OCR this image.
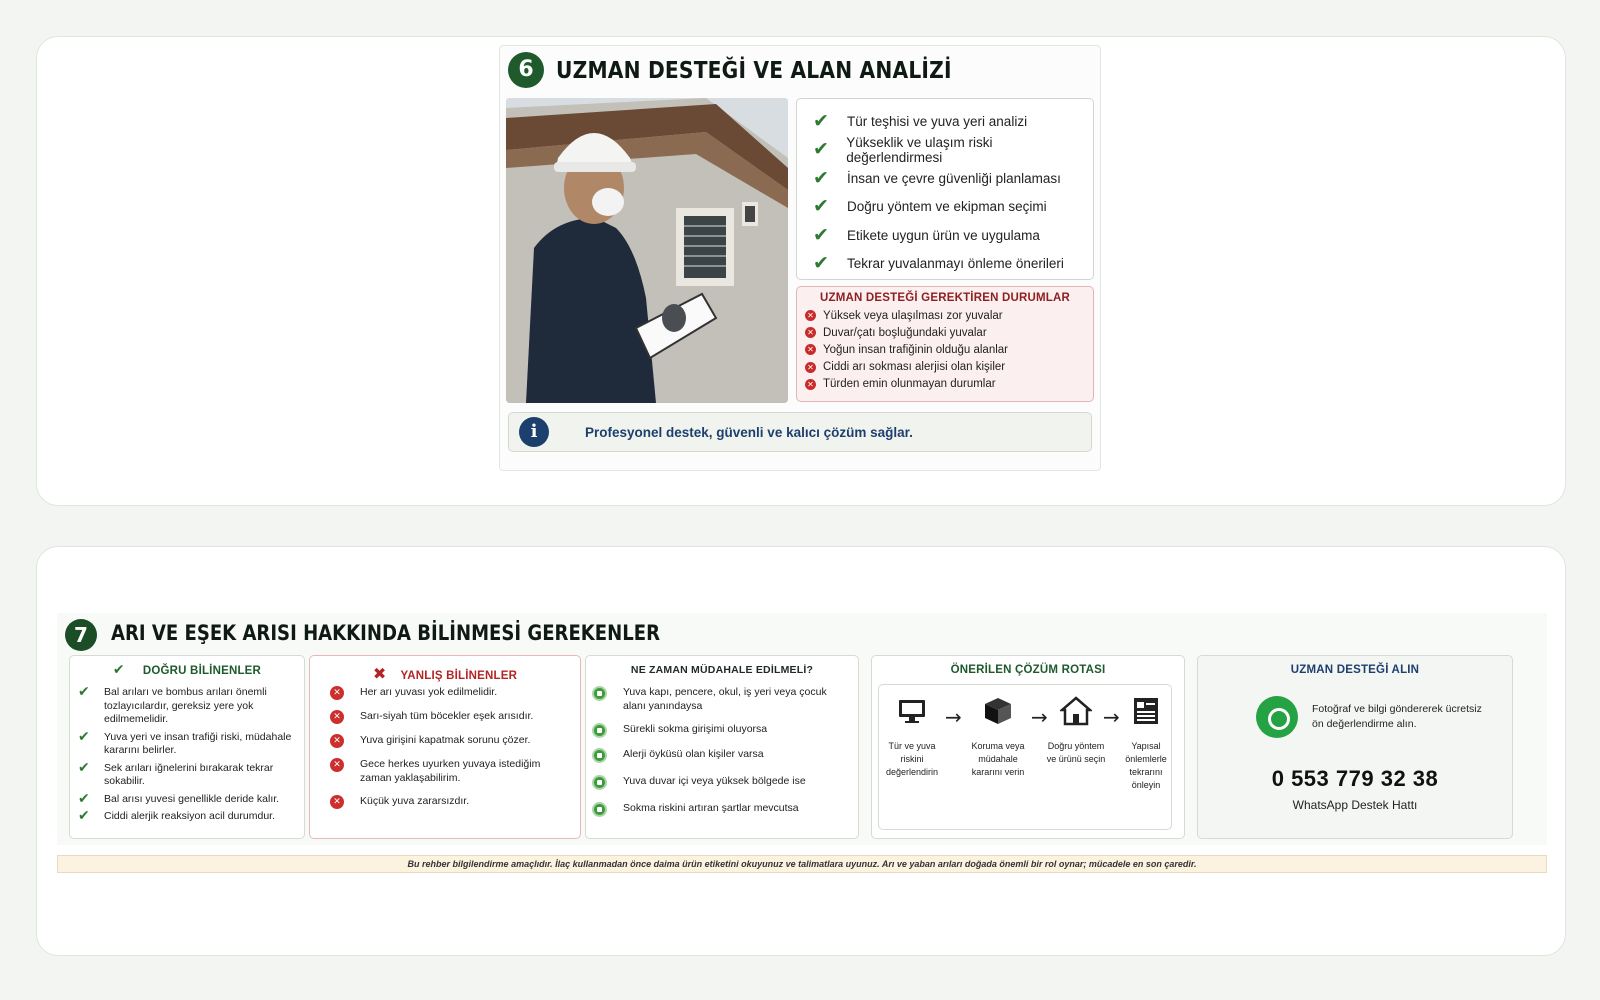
6 UZMAN DESTEĞİ VE ALAN ANALİZİ
✔	Tür teşhisi ve yuva yeri analizi
✔ Yükseklik ve ulaşım riski değerlendirmesi
✔	İnsan ve çevre güvenliği planlaması
✔	Doğru yöntem ve ekipman seçimi
✔	Etikete uygun ürün ve uygulama
✔	Tekrar yuvalanmayı önleme önerileri
UZMAN DESTEĞİ GEREKTİREN DURUMLAR
✕ Yüksek veya ulaşılması zor yuvalar
✕ Duvar/çatı boşluğundaki yuvalar
✕ Yoğun insan trafiğinin olduğu alanlar
✕ Ciddi arı sokması alerjisi olan kişiler
✕ Türden emin olunmayan durumlar
i	Profesyonel destek, güvenli ve kalıcı çözüm sağlar.
7	ARI VE EŞEK ARISI HAKKINDA BİLİNMESİ GEREKENLER
✔ DOĞRU BİLİNENLER
✔	Bal arıları ve bombus arıları önemli tozlayıcılardır, gereksiz yere yok edilmemelidir.
✔	Yuva yeri ve insan trafiği riski, müdahale kararını belirler.
✔	Sek arıları iğnelerini bırakarak tekrar sokabilir.
✔	Bal arısı yuvesi genellikle deride kalır.
✔	Ciddi alerjik reaksiyon acil durumdur.
✖ YANLIŞ BİLİNENLER
✕	Her arı yuvası yok edilmelidir.
✕	Sarı-siyah tüm böcekler eşek arısıdır.
✕	Yuva girişini kapatmak sorunu çözer.
✕	Gece herkes uyurken yuvaya istediğim zaman yaklaşabilirim.
✕	Küçük yuva zararsızdır.
NE ZAMAN MÜDAHALE EDİLMELİ?
Yuva kapı, pencere, okul, iş yeri veya çocuk alanı yanındaysa
Sürekli sokma girişimi oluyorsa
Alerji öyküsü olan kişiler varsa
Yuva duvar içi veya yüksek bölgede ise
Sokma riskini artıran şartlar mevcutsa
ÖNERİLEN ÇÖZÜM ROTASI
Tür ve yuva riskini değerlendirin
→
Koruma veya müdahale kararını verin
→
Doğru yöntem ve ürünü seçin
→
Yapısal önlemlerle tekrarını önleyin
UZMAN DESTEĞİ ALIN
Fotoğraf ve bilgi göndererek ücretsiz ön değerlendirme alın.
0 553 779 32 38
WhatsApp Destek Hattı
Bu rehber bilgilendirme amaçlıdır. İlaç kullanmadan önce daima ürün etiketini okuyunuz ve talimatlara uyunuz. Arı ve yaban arıları doğada önemli bir rol oynar; mücadele en son çaredir.
